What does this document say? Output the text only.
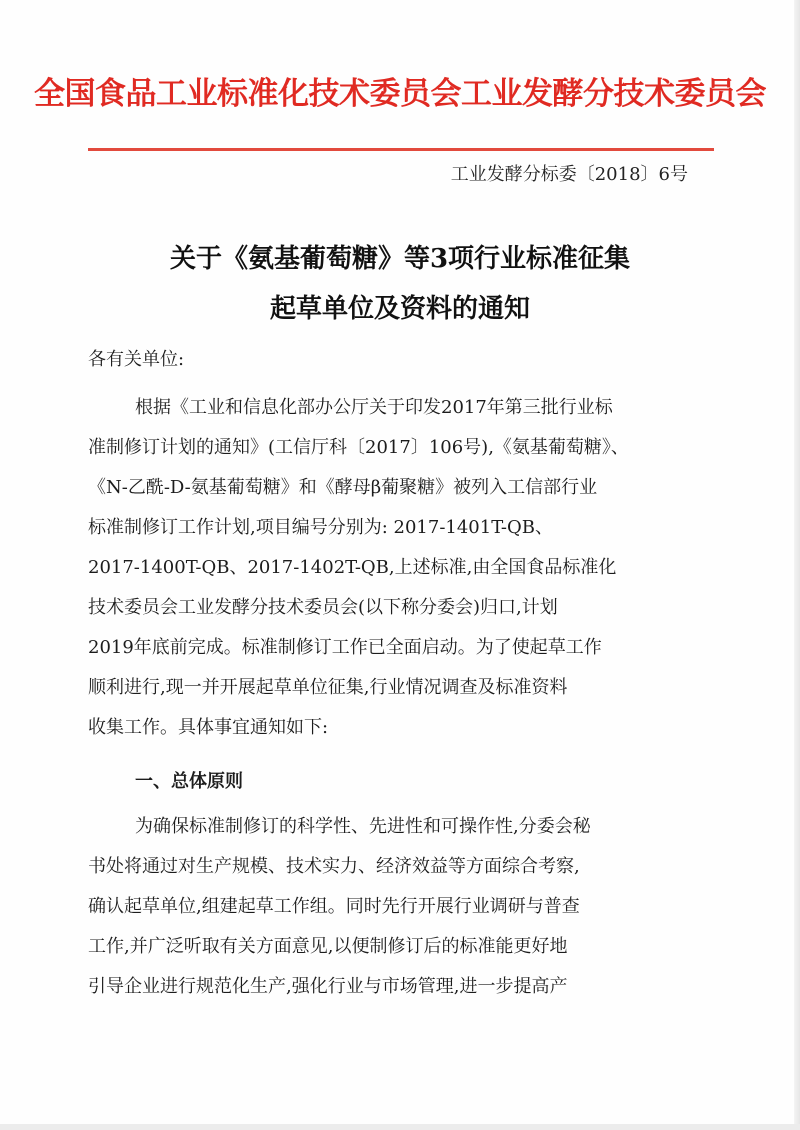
全国食品工业标准化技术委员会工业发酵分技术委员会
工业发酵分标委〔2018〕6号
关于《氨基葡萄糖》等3项行业标准征集
起草单位及资料的通知
各有关单位:
根据《工业和信息化部办公厅关于印发2017年第三批行业标
准制修订计划的通知》(工信厅科〔2017〕106号),《氨基葡萄糖》、
《N-乙酰-D-氨基葡萄糖》和《酵母β葡聚糖》被列入工信部行业
标准制修订工作计划,项目编号分别为: 2017-1401T-QB、
2017-1400T-QB、2017-1402T-QB,上述标准,由全国食品标准化
技术委员会工业发酵分技术委员会(以下称分委会)归口,计划
2019年底前完成。标准制修订工作已全面启动。为了使起草工作
顺利进行,现一并开展起草单位征集,行业情况调查及标准资料
收集工作。具体事宜通知如下:
一、总体原则
为确保标准制修订的科学性、先进性和可操作性,分委会秘
书处将通过对生产规模、技术实力、经济效益等方面综合考察,
确认起草单位,组建起草工作组。同时先行开展行业调研与普查
工作,并广泛听取有关方面意见,以便制修订后的标准能更好地
引导企业进行规范化生产,强化行业与市场管理,进一步提高产
